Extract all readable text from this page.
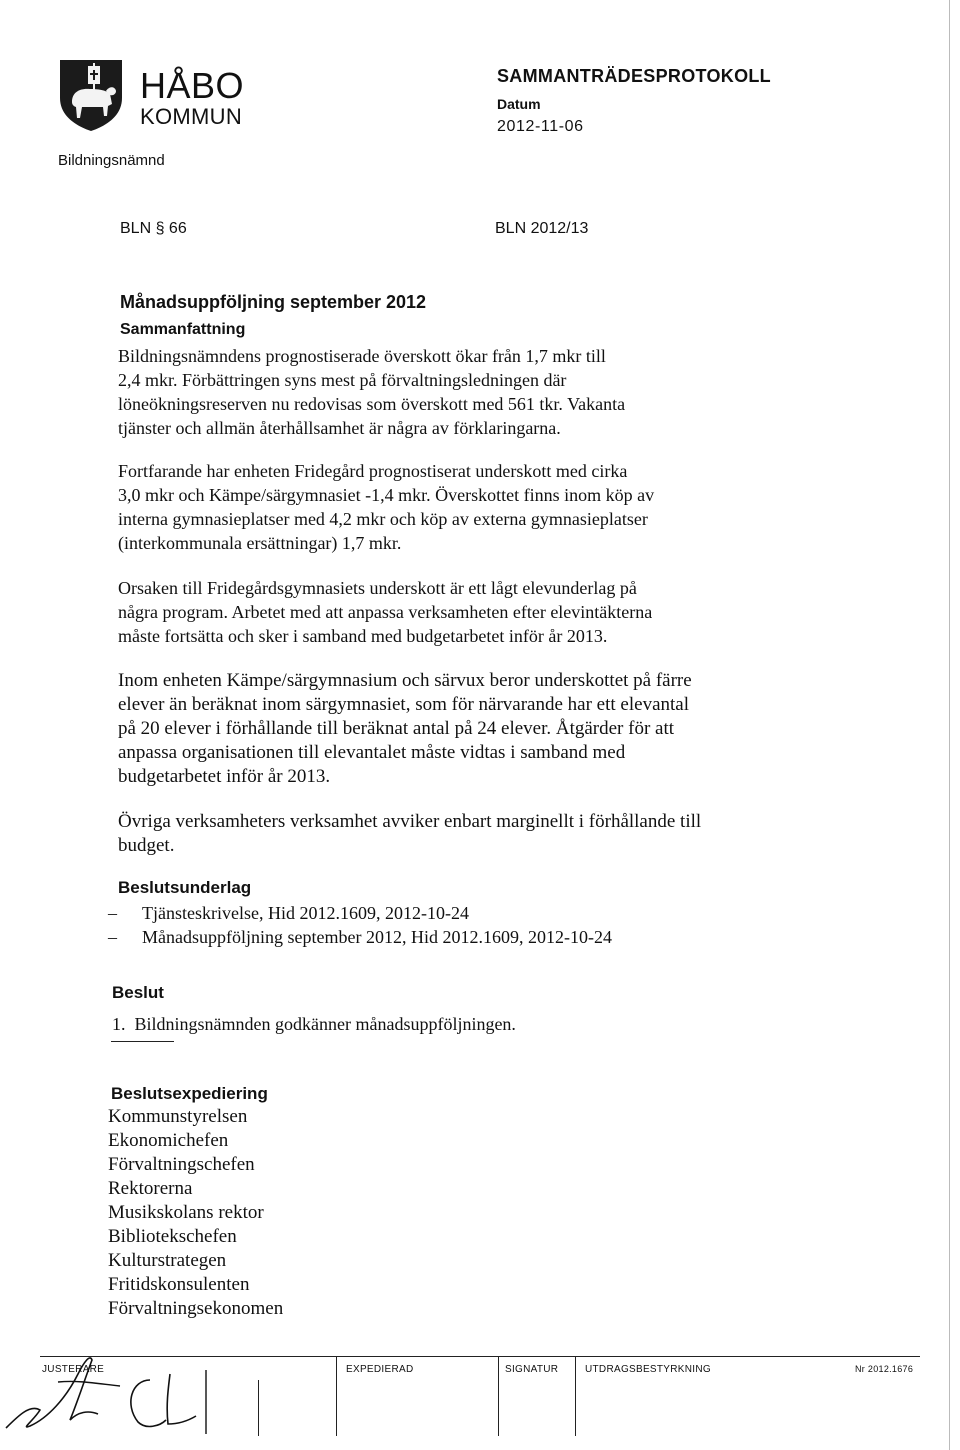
HÅBO
KOMMUN
Bildningsnämnd
SAMMANTRÄDESPROTOKOLL
Datum
2012-11-06
BLN § 66	BLN 2012/13
Månadsuppföljning september 2012
Sammanfattning
Bildningsnämndens prognostiserade överskott ökar från 1,7 mkr till
2,4 mkr. Förbättringen syns mest på förvaltningsledningen där
löneökningsreserven nu redovisas som överskott med 561 tkr. Vakanta
tjänster och allmän återhållsamhet är några av förklaringarna.
Fortfarande har enheten Fridegård prognostiserat underskott med cirka
3,0 mkr och Kämpe/särgymnasiet -1,4 mkr. Överskottet finns inom köp av
interna gymnasieplatser med 4,2 mkr och köp av externa gymnasieplatser
(interkommunala ersättningar) 1,7 mkr.
Orsaken till Fridegårdsgymnasiets underskott är ett lågt elevunderlag på
några program. Arbetet med att anpassa verksamheten efter elevintäkterna
måste fortsätta och sker i samband med budgetarbetet inför år 2013.
Inom enheten Kämpe/särgymnasium och särvux beror underskottet på färre
elever än beräknat inom särgymnasiet, som för närvarande har ett elevantal
på 20 elever i förhållande till beräknat antal på 24 elever. Åtgärder för att
anpassa organisationen till elevantalet måste vidtas i samband med
budgetarbetet inför år 2013.
Övriga verksamheters verksamhet avviker enbart marginellt i förhållande till
budget.
Beslutsunderlag
– Tjänsteskrivelse, Hid 2012.1609, 2012-10-24
– Månadsuppföljning september 2012, Hid 2012.1609, 2012-10-24
Beslut
1.  Bildningsnämnden godkänner månadsuppföljningen.
Beslutsexpediering
Kommunstyrelsen
Ekonomichefen
Förvaltningschefen
Rektorerna
Musikskolans rektor
Bibliotekschefen
Kulturstrategen
Fritidskonsulenten
Förvaltningsekonomen
JUSTERARE	EXPEDIERAD	SIGNATUR	UTDRAGSBESTYRKNING	Nr 2012.1676
